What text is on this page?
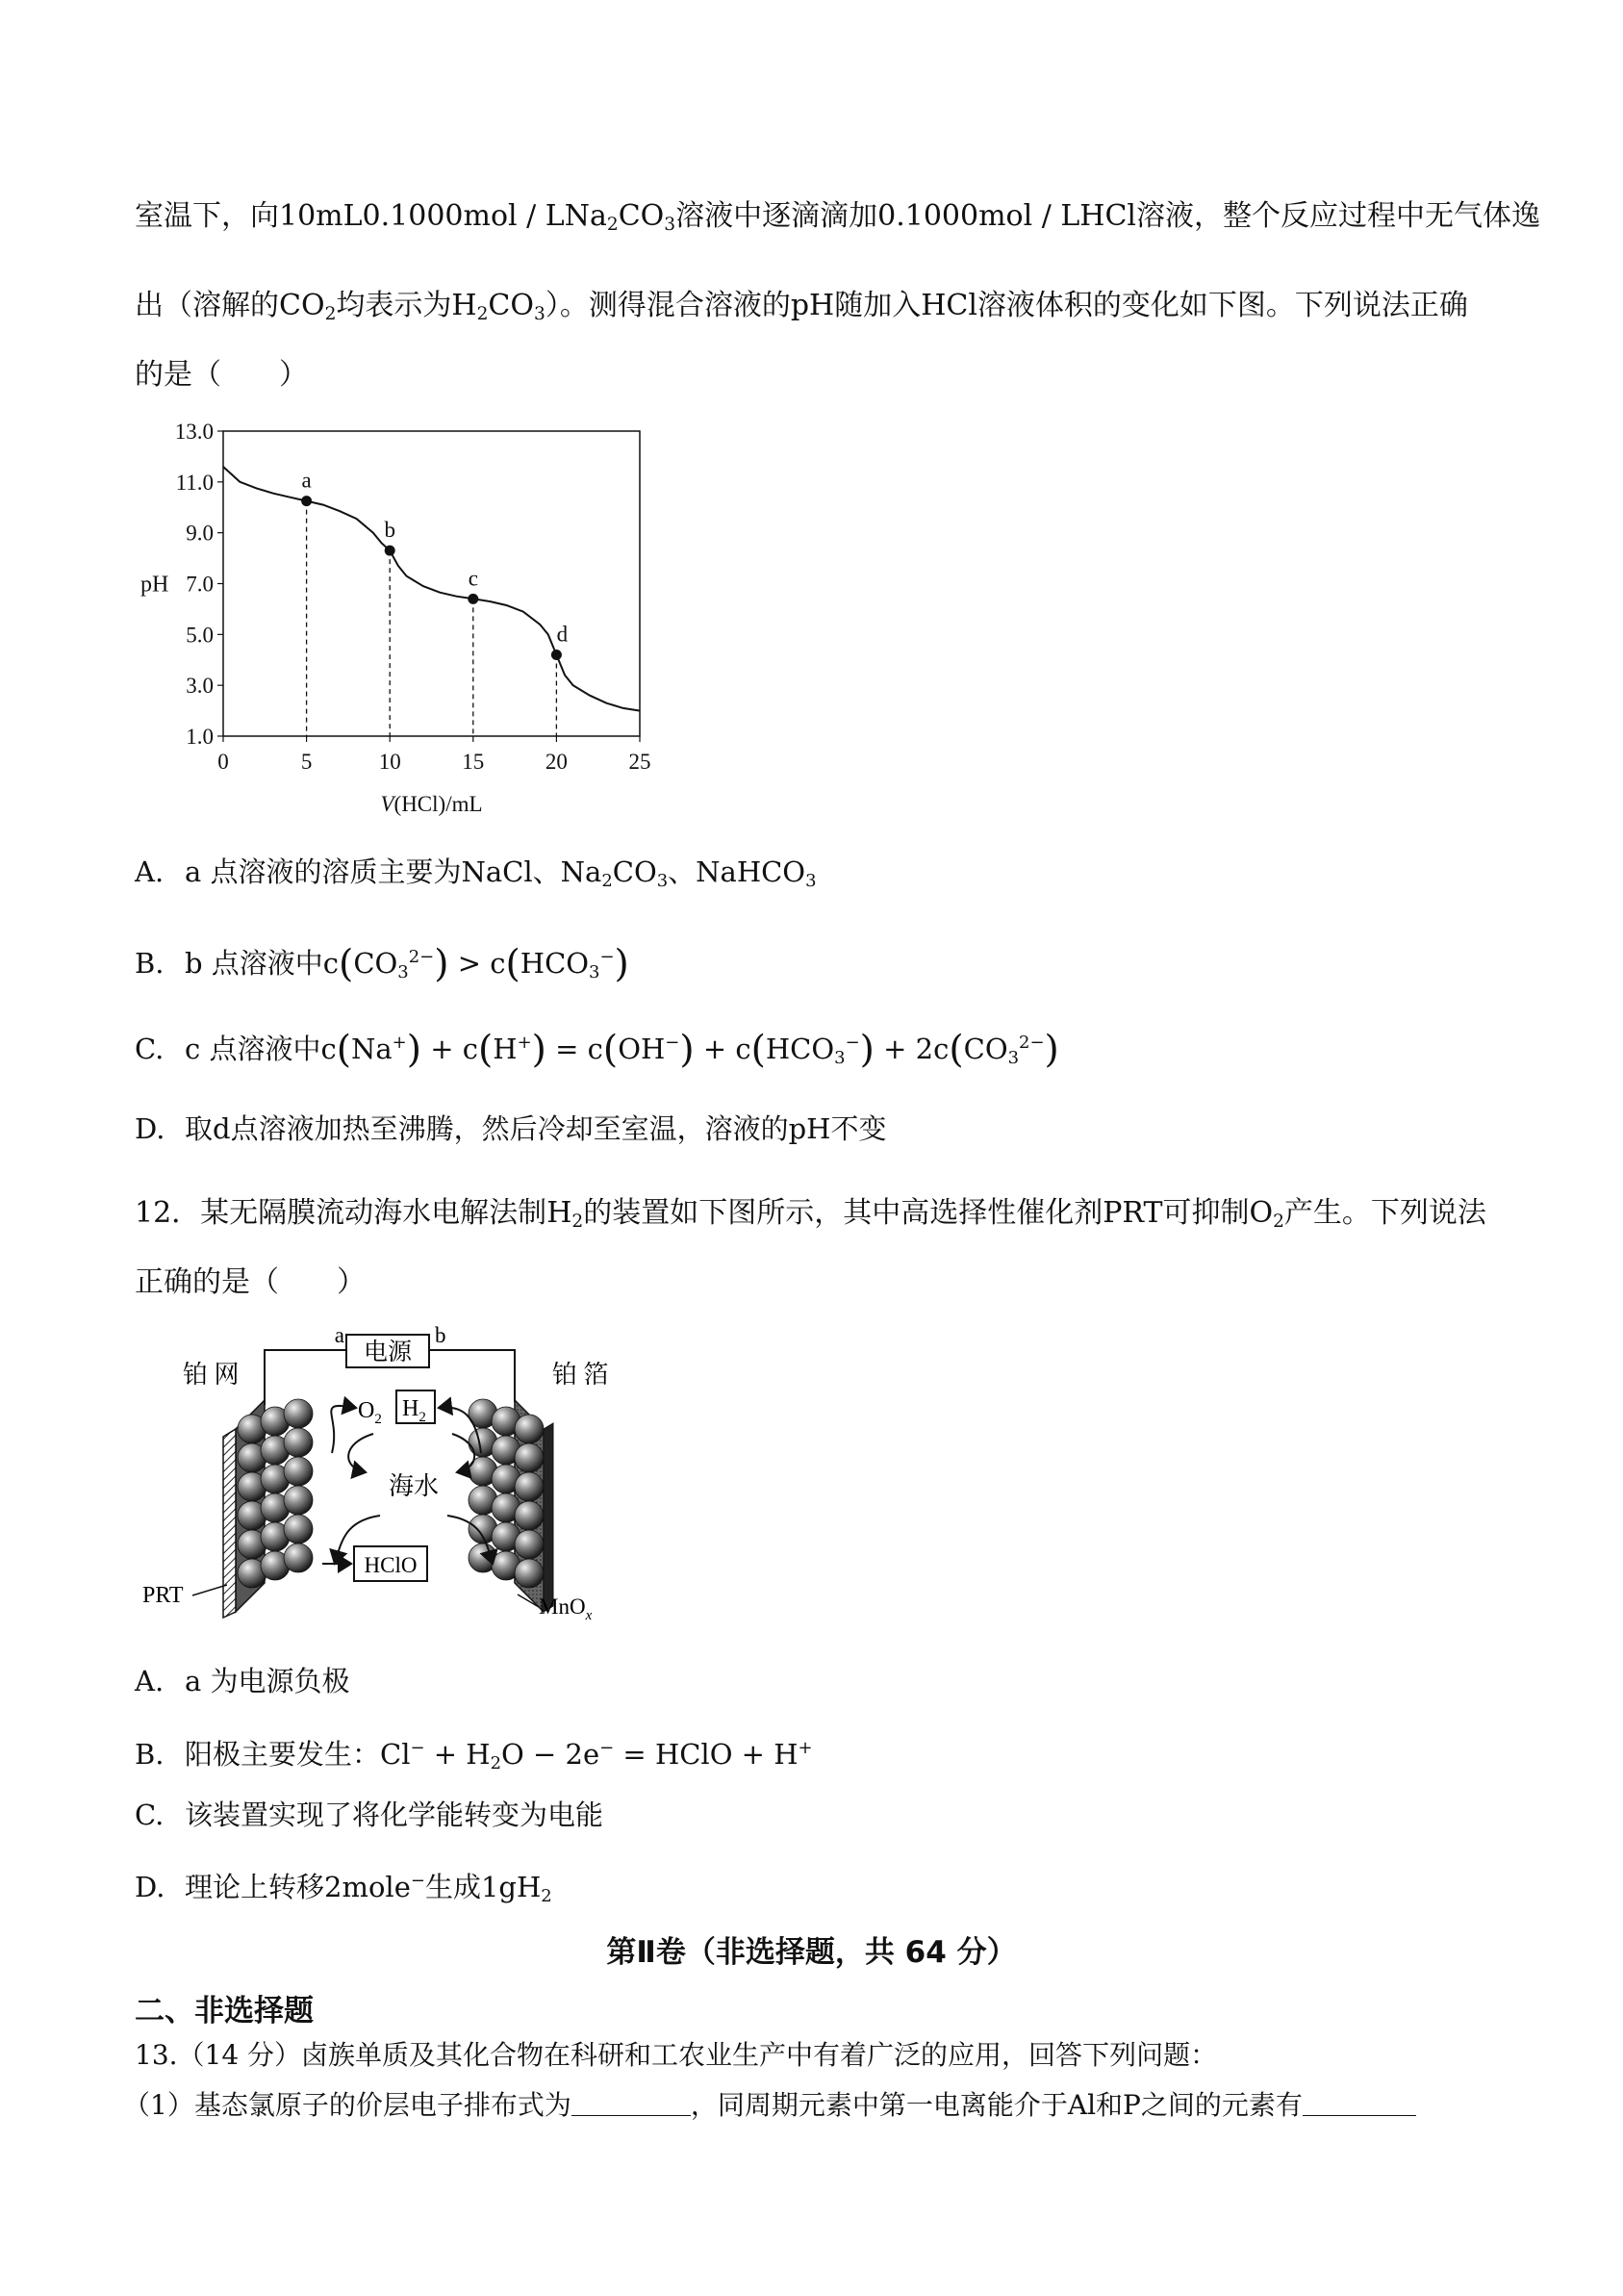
室温下，向$10mL0.1000mol / LNa_2CO_3$溶液中逐滴滴加0.1000mol / LHCl溶液，整个反应过程中无气体逸
出（溶解的$CO_2$均表示为$H_2CO_3$）。测得混合溶液的pH随加入HCl溶液体积的变化如下图。下列说法正确
的是（　　）
13.0
11.0
9.0
7.0
5.0
3.0
1.0
0	5	10	15	20	25
pH
V(HCl)/mL
a
b
c
d
A. a 点溶液的溶质主要为NaCl、$Na_2CO_3$、NaHCO$_3$
B. b 点溶液中$c(CO_3^{2-}) > c(HCO_3^-)$
C. c 点溶液中$c(Na^+) + c(H^+) = c(OH^-) + c(HCO_3^-) + 2c(CO_3^{2-})$
D. 取d点溶液加热至沸腾，然后冷却至室温，溶液的pH不变
12．某无隔膜流动海水电解法制$H_2$的装置如下图所示，其中高选择性催化剂PRT可抑制$O_2$产生。下列说法
正确的是（　　）
电源
a	b
铂 网	铂 箔
$O_2$ $H_2$
海水
HClO
PRT	MnO$_x$
A. a 为电源负极
B. 阳极主要发生：$Cl^- + H_2O - 2e^-$ = HClO + H+
C. 该装置实现了将化学能转变为电能
D. 理论上转移2mole−生成$1gH_2$
第Ⅱ卷（非选择题，共 64 分）
二、非选择题
13.（14 分）卤族单质及其化合物在科研和工农业生产中有着广泛的应用，回答下列问题：
（1）基态氯原子的价层电子排布式为	，同周期元素中第一电离能介于Al和P之间的元素有
